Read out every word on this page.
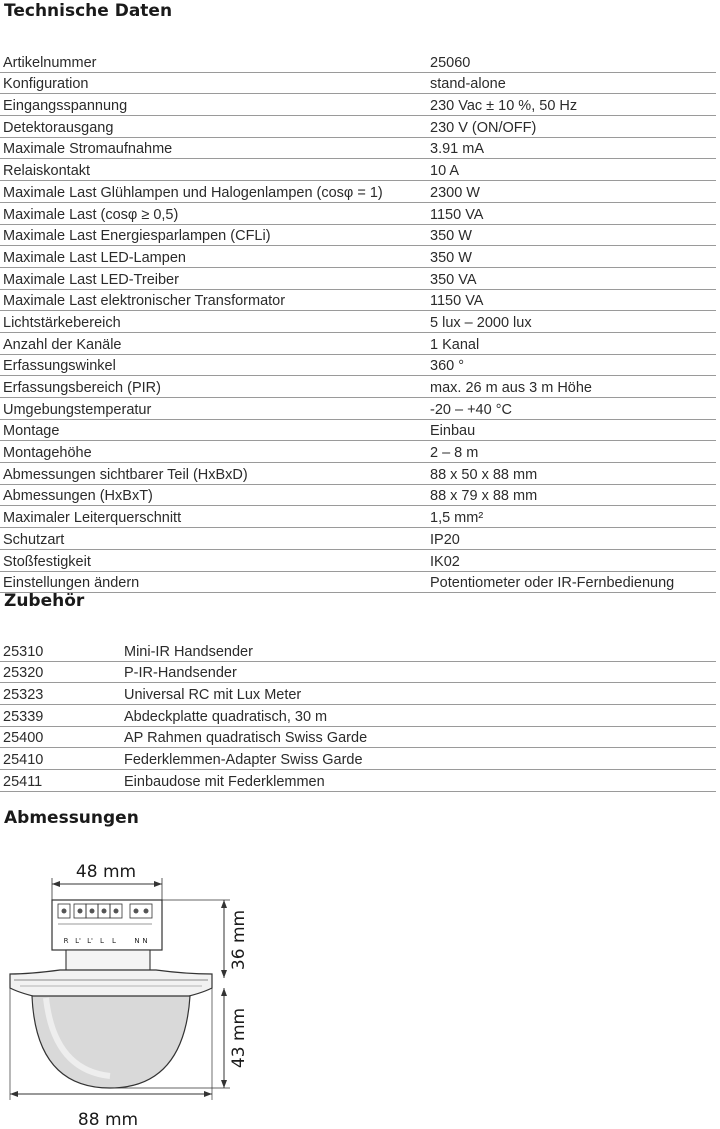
Technische Daten
Artikelnummer	25060
Konfiguration	stand-alone
Eingangsspannung	230 Vac ± 10 %, 50 Hz
Detektorausgang	230 V (ON/OFF)
Maximale Stromaufnahme	3.91 mA
Relaiskontakt	10 A
Maximale Last Glühlampen und Halogenlampen (cosφ = 1)	2300 W
Maximale Last (cosφ ≥ 0,5)	1150 VA
Maximale Last Energiesparlampen (CFLi)	350 W
Maximale Last LED-Lampen	350 W
Maximale Last LED-Treiber	350 VA
Maximale Last elektronischer Transformator	1150 VA
Lichtstärkebereich	5 lux – 2000 lux
Anzahl der Kanäle	1 Kanal
Erfassungswinkel	360 °
Erfassungsbereich (PIR)	max. 26 m aus 3 m Höhe
Umgebungstemperatur	-20 – +40 °C
Montage	Einbau
Montagehöhe	2 – 8 m
Abmessungen sichtbarer Teil (HxBxD)	88 x 50 x 88 mm
Abmessungen (HxBxT)	88 x 79 x 88 mm
Maximaler Leiterquerschnitt	1,5 mm²
Schutzart	IP20
Stoßfestigkeit	IK02
Einstellungen ändern	Potentiometer oder IR-Fernbedienung
Zubehör
25310	Mini-IR Handsender
25320	P-IR-Handsender
25323	Universal RC mit Lux Meter
25339	Abdeckplatte quadratisch, 30 m
25400	AP Rahmen quadratisch Swiss Garde
25410	Federklemmen-Adapter Swiss Garde
25411	Einbaudose mit Federklemmen
Abmessungen
48 mm
R L' L' L L	N N	36 mm
43 mm
88 mm
